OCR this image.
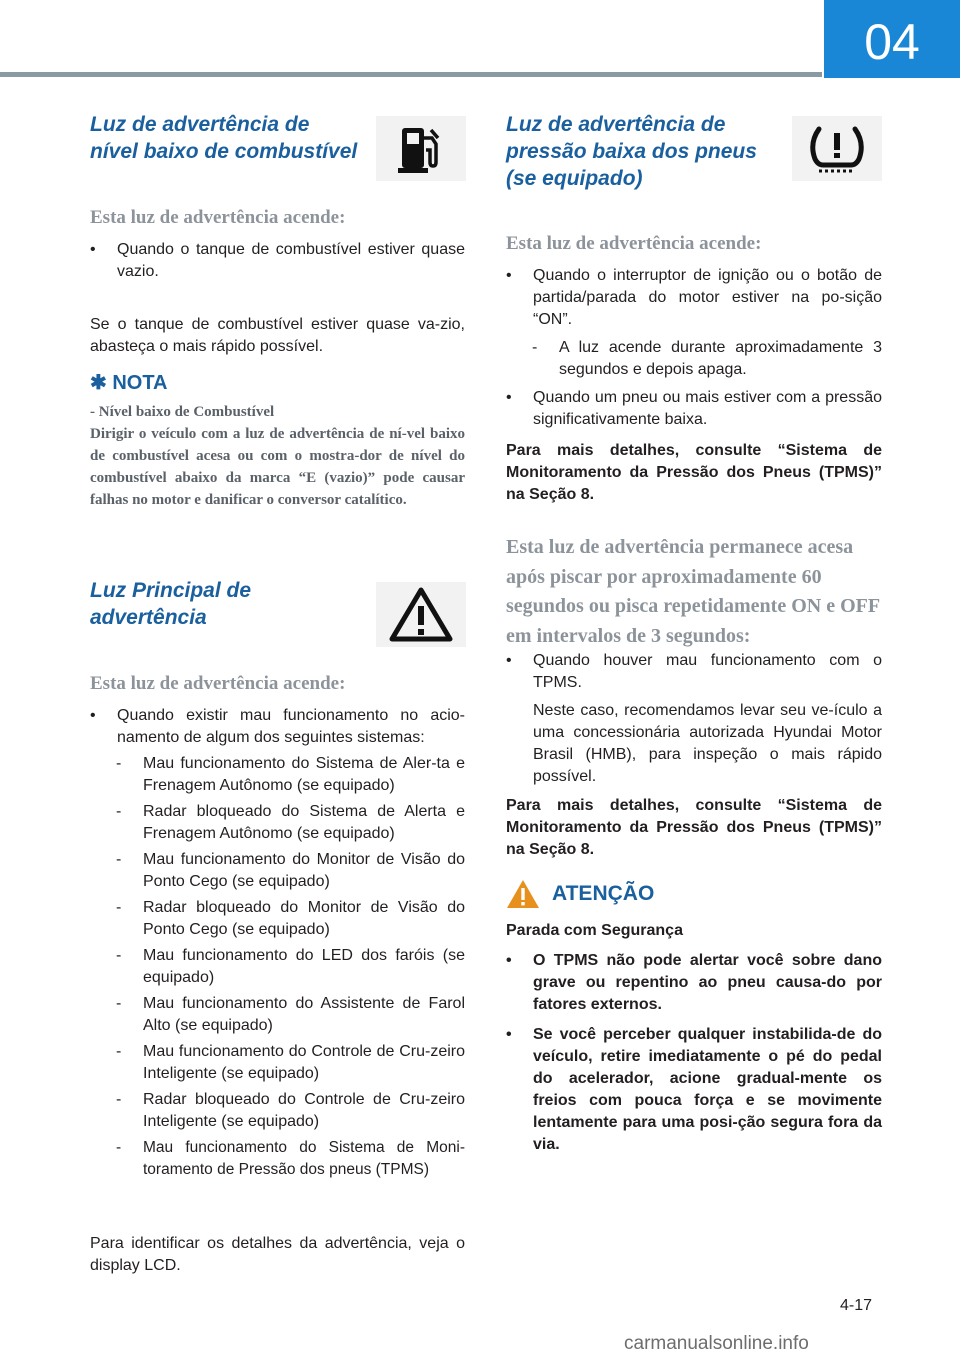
04
Luz de advertência de
nível baixo de combustível
Esta luz de advertência acende:

• Quando o tanque de combustível estiver quase vazio.

Se o tanque de combustível estiver quase va-zio, abasteça o mais rápido possível.
✱ NOTA
- Nível baixo de Combustível
Dirigir o veículo com a luz de advertência de ní-vel baixo de combustível acesa ou com o mostra-dor de nível do combustível abaixo da marca “E (vazio)” pode causar falhas no motor e danificar o conversor catalítico.
Luz Principal de
advertência
Esta luz de advertência acende:

• Quando existir mau funcionamento no acio-namento de algum dos seguintes sistemas:

- Mau funcionamento do Sistema de Aler-ta e Frenagem Autônomo (se equipado)

- Radar bloqueado do Sistema de Alerta e Frenagem Autônomo (se equipado)

- Mau funcionamento do Monitor de Visão do Ponto Cego (se equipado)

- Radar bloqueado do Monitor de Visão do Ponto Cego (se equipado)

- Mau funcionamento do LED dos faróis (se equipado)

- Mau funcionamento do Assistente de Farol Alto (se equipado)

- Mau funcionamento do Controle de Cru-zeiro Inteligente (se equipado)

- Radar bloqueado do Controle de Cru-zeiro Inteligente (se equipado)

- Mau funcionamento do Sistema de Moni-toramento de Pressão dos pneus (TPMS)

Para identificar os detalhes da advertência, veja o display LCD.
Luz de advertência de
pressão baixa dos pneus
(se equipado)
Esta luz de advertência acende:

• Quando o interruptor de ignição ou o botão de partida/parada do motor estiver na po-sição “ON”.

- A luz acende durante aproximadamente 3 segundos e depois apaga.

• Quando um pneu ou mais estiver com a pressão significativamente baixa.

Para mais detalhes, consulte “Sistema de Monitoramento da Pressão dos Pneus (TPMS)” na Seção 8.
Esta luz de advertência permanece acesa após piscar por aproximadamente 60 segundos ou pisca repetidamente ON e OFF em intervalos de 3 segundos:

• Quando houver mau funcionamento com o TPMS.

Neste caso, recomendamos levar seu ve-ículo a uma concessionária autorizada Hyundai Motor Brasil (HMB), para inspeção o mais rápido possível.

Para mais detalhes, consulte “Sistema de Monitoramento da Pressão dos Pneus (TPMS)” na Seção 8.
ATENÇÃO

Parada com Segurança

• O TPMS não pode alertar você sobre dano grave ou repentino ao pneu causa-do por fatores externos.

• Se você perceber qualquer instabilida-de do veículo, retire imediatamente o pé do pedal do acelerador, acione gradual-mente os freios com pouca força e se movimente lentamente para uma posi-ção segura fora da via.

4-17
carmanualsonline.info
